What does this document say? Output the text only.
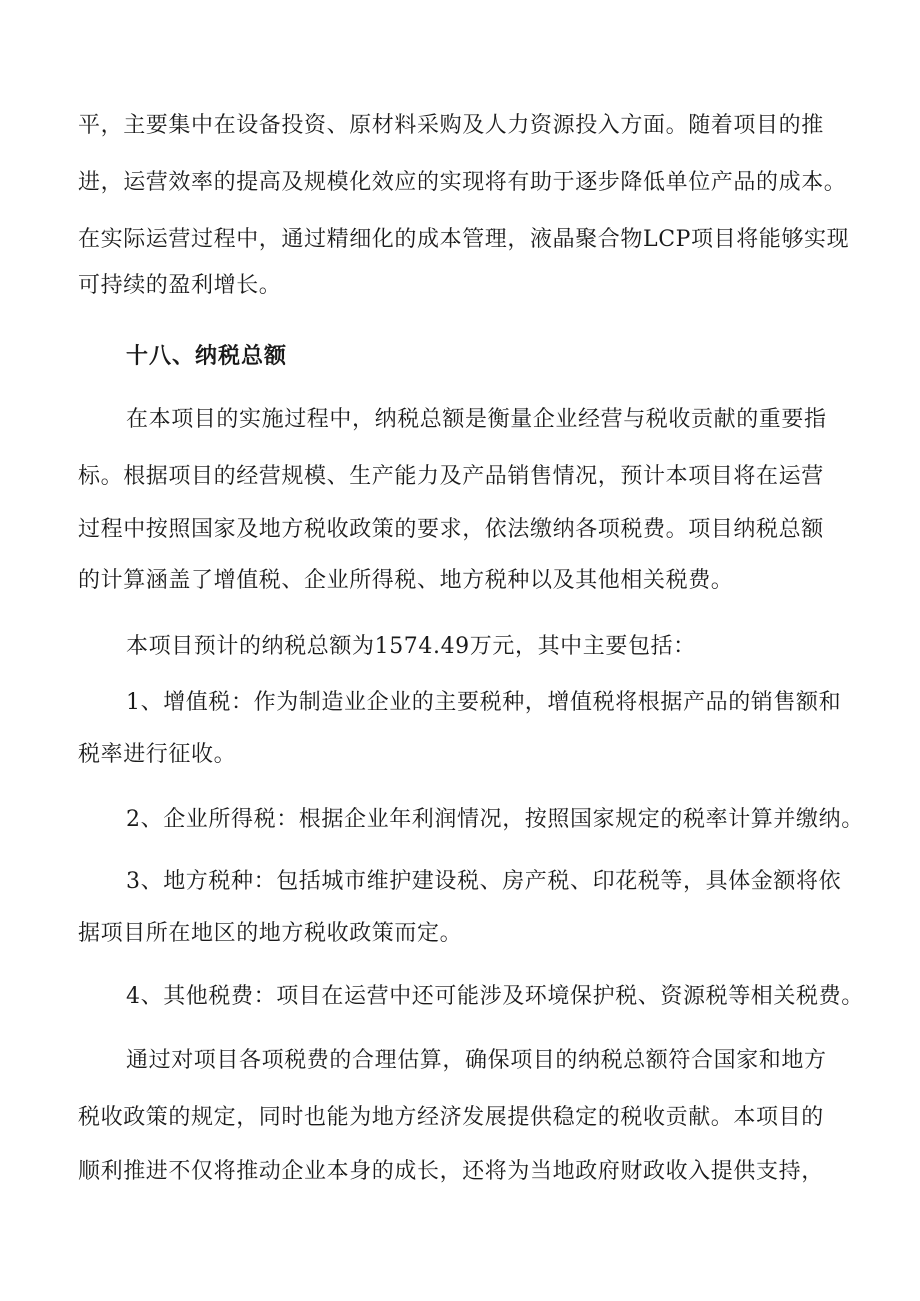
平，主要集中在设备投资、原材料采购及人力资源投入方面。随着项目的推
进，运营效率的提高及规模化效应的实现将有助于逐步降低单位产品的成本。
在实际运营过程中，通过精细化的成本管理，液晶聚合物LCP项目将能够实现
可持续的盈利增长。
十八、纳税总额
在本项目的实施过程中，纳税总额是衡量企业经营与税收贡献的重要指
标。根据项目的经营规模、生产能力及产品销售情况，预计本项目将在运营
过程中按照国家及地方税收政策的要求，依法缴纳各项税费。项目纳税总额
的计算涵盖了增值税、企业所得税、地方税种以及其他相关税费。
本项目预计的纳税总额为1574.49万元，其中主要包括：
1、增值税：作为制造业企业的主要税种，增值税将根据产品的销售额和
税率进行征收。
2、企业所得税：根据企业年利润情况，按照国家规定的税率计算并缴纳。
3、地方税种：包括城市维护建设税、房产税、印花税等，具体金额将依
据项目所在地区的地方税收政策而定。
4、其他税费：项目在运营中还可能涉及环境保护税、资源税等相关税费。
通过对项目各项税费的合理估算，确保项目的纳税总额符合国家和地方
税收政策的规定，同时也能为地方经济发展提供稳定的税收贡献。本项目的
顺利推进不仅将推动企业本身的成长，还将为当地政府财政收入提供支持，
